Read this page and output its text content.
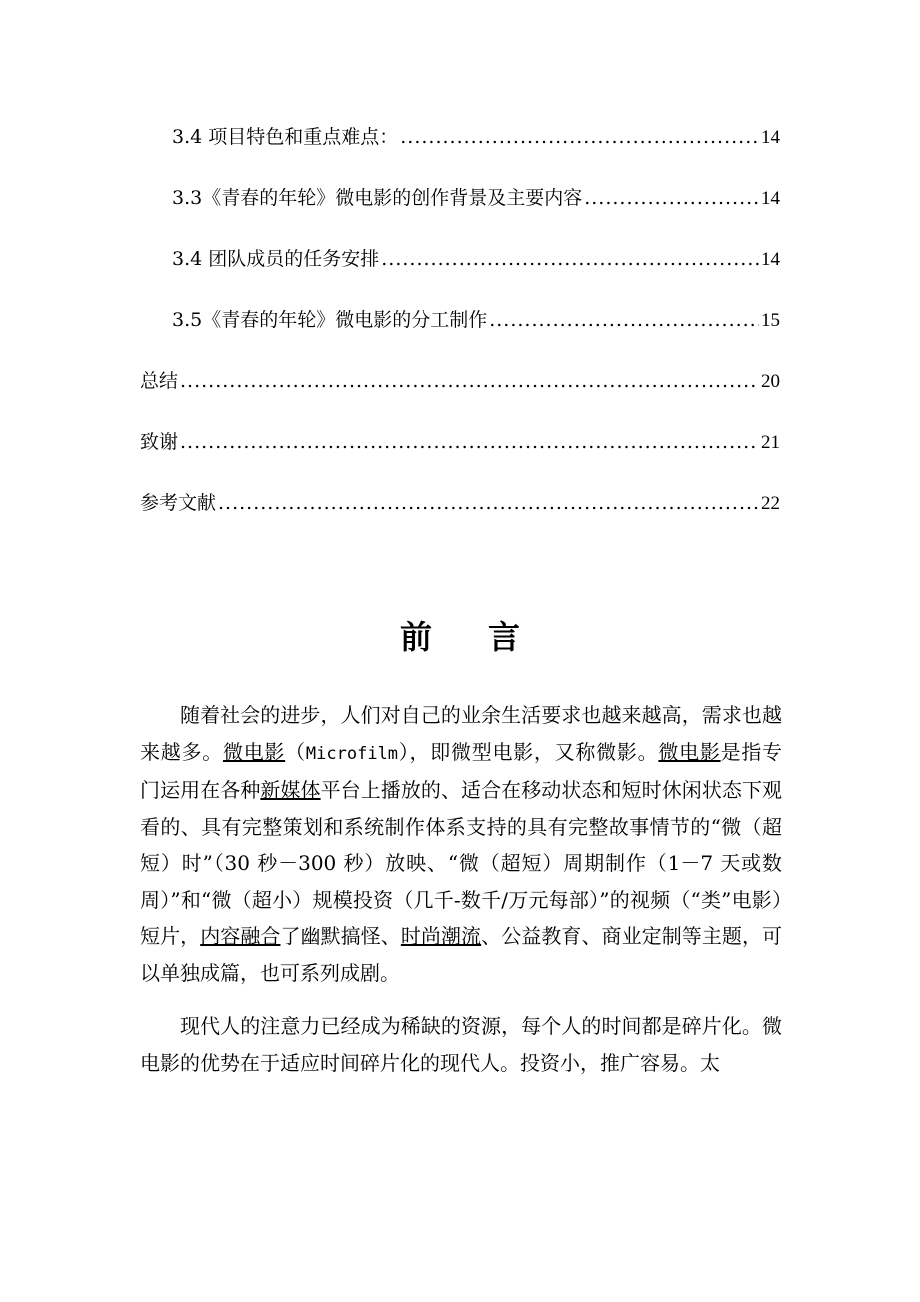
3.4 项目特色和重点难点： .....	14
3.3《青春的年轮》微电影的创作背景及主要内容 .....	14
3.4 团队成员的任务安排 .....	14
3.5《青春的年轮》微电影的分工制作 .....	15
总结 .....	20
致谢 .....	21
参考文献 .....	22
前 言

随着社会的进步，人们对自己的业余生活要求也越来越高，需求也越来越多。微电影（Microfilm），即微型电影，又称微影。微电影是指专门运用在各种新媒体平台上播放的、适合在移动状态和短时休闲状态下观看的、具有完整策划和系统制作体系支持的具有完整故事情节的“微（超短）时”（30 秒－300 秒）放映、“微（超短）周期制作（1－7 天或数周）”和“微（超小）规模投资（几千-数千/万元每部）”的视频（“类”电影）短片，内容融合了幽默搞怪、时尚潮流、公益教育、商业定制等主题，可以单独成篇，也可系列成剧。

现代人的注意力已经成为稀缺的资源，每个人的时间都是碎片化。微电影的优势在于适应时间碎片化的现代人。投资小，推广容易。太
